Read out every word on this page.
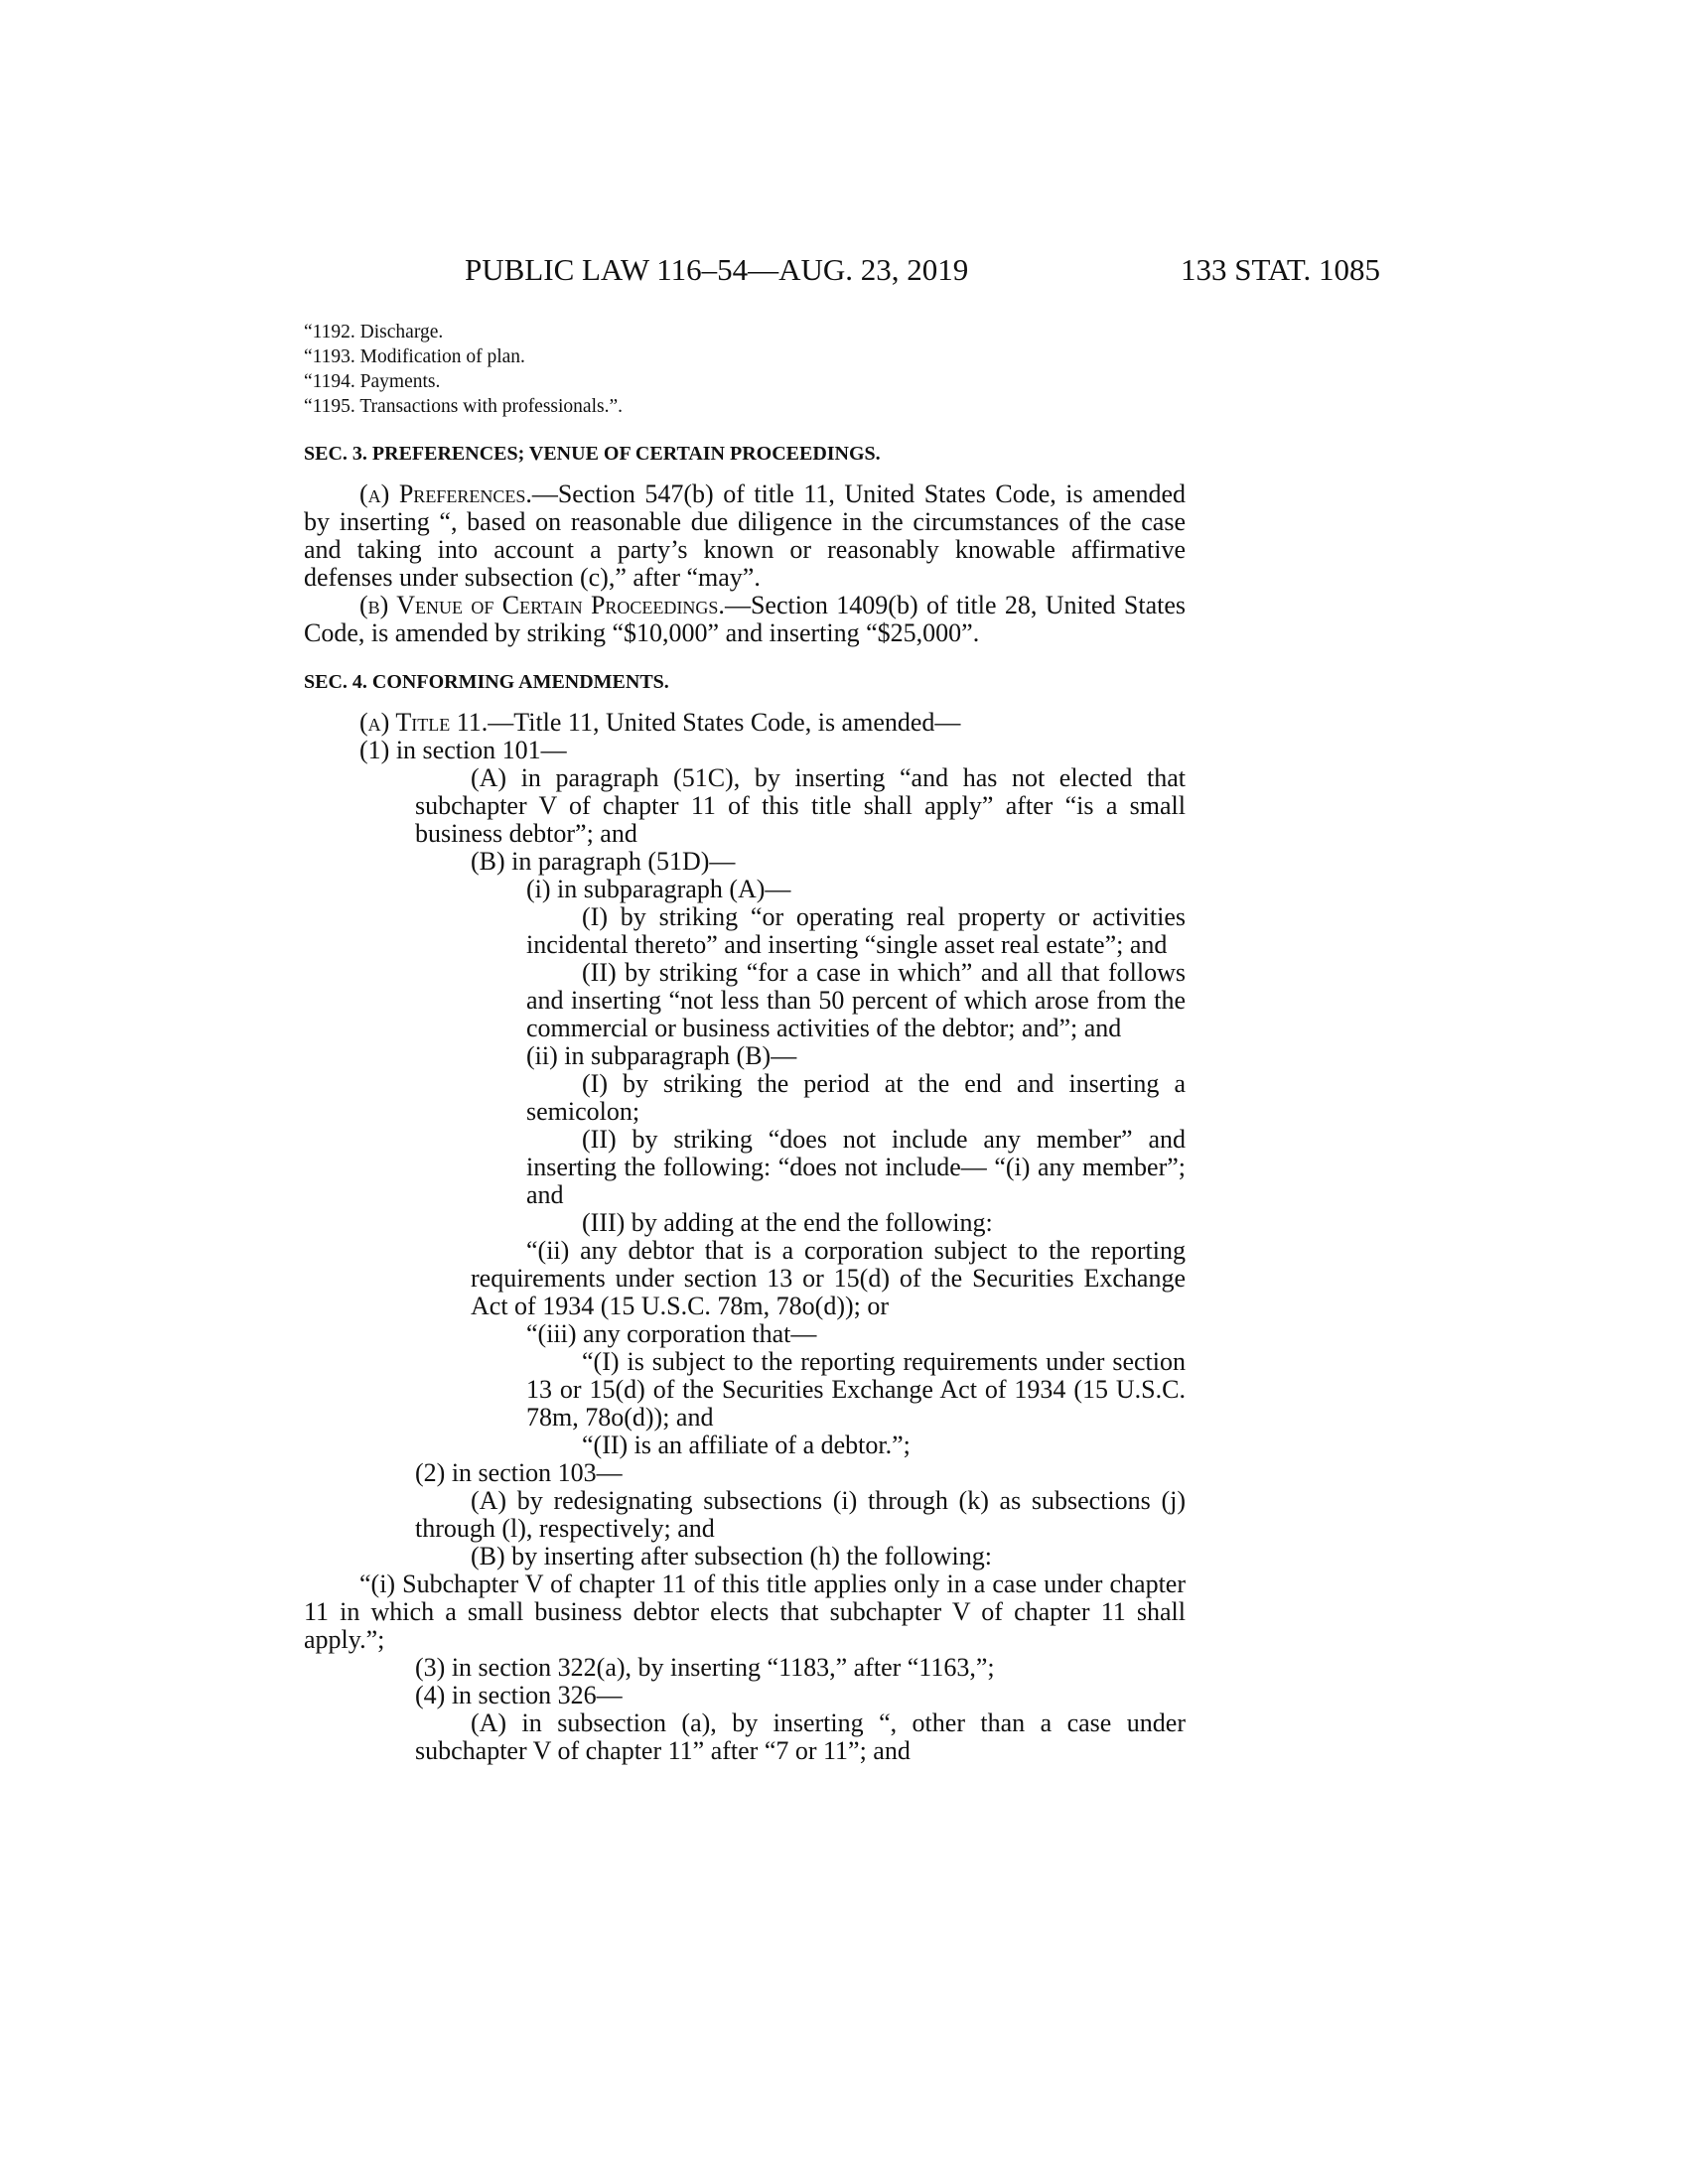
PUBLIC LAW 116–54—AUG. 23, 2019	133 STAT. 1085
“1192. Discharge.
“1193. Modification of plan.
“1194. Payments.
“1195. Transactions with professionals.”.
SEC. 3. PREFERENCES; VENUE OF CERTAIN PROCEEDINGS.
(a) Preferences.—Section 547(b) of title 11, United States Code, is amended by inserting “, based on reasonable due diligence in the circumstances of the case and taking into account a party’s known or reasonably knowable affirmative defenses under subsection (c),” after “may”.
(b) Venue of Certain Proceedings.—Section 1409(b) of title 28, United States Code, is amended by striking “$10,000” and inserting “$25,000”.
SEC. 4. CONFORMING AMENDMENTS.
(a) Title 11.—Title 11, United States Code, is amended—
(1) in section 101—
(A) in paragraph (51C), by inserting “and has not elected that subchapter V of chapter 11 of this title shall apply” after “is a small business debtor”; and
(B) in paragraph (51D)—
(i) in subparagraph (A)—
(I) by striking “or operating real property or activities incidental thereto” and inserting “single asset real estate”; and
(II) by striking “for a case in which” and all that follows and inserting “not less than 50 percent of which arose from the commercial or business activities of the debtor; and”; and
(ii) in subparagraph (B)—
(I) by striking the period at the end and inserting a semicolon;
(II) by striking “does not include any member” and inserting the following: “does not include— “(i) any member”; and
(III) by adding at the end the following:
“(ii) any debtor that is a corporation subject to the reporting requirements under section 13 or 15(d) of the Securities Exchange Act of 1934 (15 U.S.C. 78m, 78o(d)); or
“(iii) any corporation that—
“(I) is subject to the reporting requirements under section 13 or 15(d) of the Securities Exchange Act of 1934 (15 U.S.C. 78m, 78o(d)); and
“(II) is an affiliate of a debtor.”;
(2) in section 103—
(A) by redesignating subsections (i) through (k) as subsections (j) through (l), respectively; and
(B) by inserting after subsection (h) the following:
“(i) Subchapter V of chapter 11 of this title applies only in a case under chapter 11 in which a small business debtor elects that subchapter V of chapter 11 shall apply.”;
(3) in section 322(a), by inserting “1183,” after “1163,”;
(4) in section 326—
(A) in subsection (a), by inserting “, other than a case under subchapter V of chapter 11” after “7 or 11”; and
